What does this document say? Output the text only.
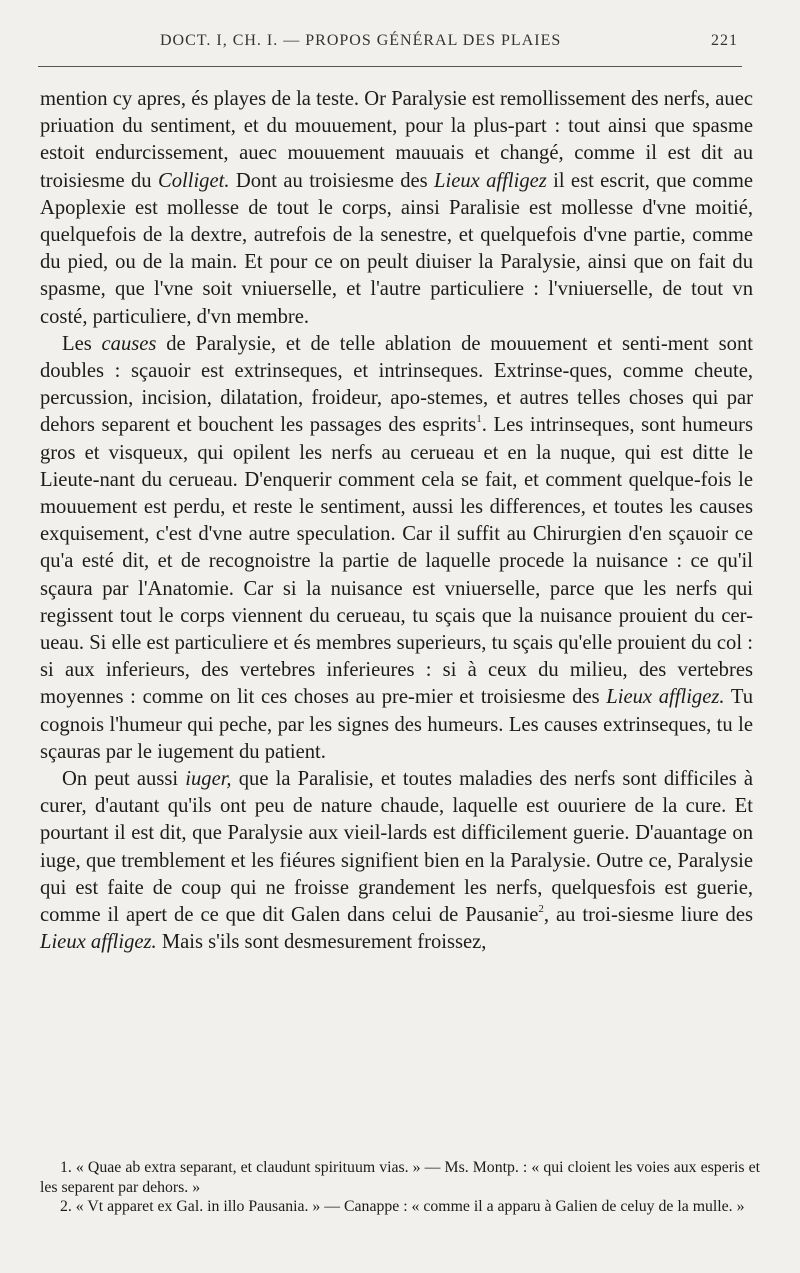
DOCT. I, CH. I. — PROPOS GÉNÉRAL DES PLAIES	221

mention cy apres, és playes de la teste. Or Paralysie est remollissement des nerfs, auec priuation du sentiment, et du mouuement, pour la plus-part : tout ainsi que spasme estoit endurcissement, auec mouuement mauuais et changé, comme il est dit au troisiesme du Colliget. Dont au troisiesme des Lieux affligez il est escrit, que comme Apoplexie est mollesse de tout le corps, ainsi Paralisie est mollesse d'vne moitié, quelquefois de la dextre, autrefois de la senestre, et quelquefois d'vne partie, comme du pied, ou de la main. Et pour ce on peult diuiser la Paralysie, ainsi que on fait du spasme, que l'vne soit vniuerselle, et l'autre particuliere : l'vniuerselle, de tout vn costé, particuliere, d'vn membre.

Les causes de Paralysie, et de telle ablation de mouuement et senti-ment sont doubles : sçauoir est extrinseques, et intrinseques. Extrinse-ques, comme cheute, percussion, incision, dilatation, froideur, apo-stemes, et autres telles choses qui par dehors separent et bouchent les passages des esprits$^1$. Les intrinseques, sont humeurs gros et visqueux, qui opilent les nerfs au cerueau et en la nuque, qui est ditte le Lieute-nant du cerueau. D'enquerir comment cela se fait, et comment quelque-fois le mouuement est perdu, et reste le sentiment, aussi les differences, et toutes les causes exquisement, c'est d'vne autre speculation. Car il suffit au Chirurgien d'en sçauoir ce qu'a esté dit, et de recognoistre la partie de laquelle procede la nuisance : ce qu'il sçaura par l'Anatomie. Car si la nuisance est vniuerselle, parce que les nerfs qui regissent tout le corps viennent du cerueau, tu sçais que la nuisance prouient du cer-ueau. Si elle est particuliere et és membres superieurs, tu sçais qu'elle prouient du col : si aux inferieurs, des vertebres inferieures : si à ceux du milieu, des vertebres moyennes : comme on lit ces choses au pre-mier et troisiesme des Lieux affligez. Tu cognois l'humeur qui peche, par les signes des humeurs. Les causes extrinseques, tu le sçauras par le iugement du patient.

On peut aussi iuger, que la Paralisie, et toutes maladies des nerfs sont difficiles à curer, d'autant qu'ils ont peu de nature chaude, laquelle est ouuriere de la cure. Et pourtant il est dit, que Paralysie aux vieil-lards est difficilement guerie. D'auantage on iuge, que tremblement et les fiéures signifient bien en la Paralysie. Outre ce, Paralysie qui est faite de coup qui ne froisse grandement les nerfs, quelquesfois est guerie, comme il apert de ce que dit Galen dans celui de Pausanie$^2$, au troi-siesme liure des Lieux affligez. Mais s'ils sont desmesurement froissez,

1. « Quae ab extra separant, et claudunt spirituum vias. » — Ms. Montp. : « qui cloient les voies aux esperis et les separent par dehors. »

2. « Vt apparet ex Gal. in illo Pausania. » — Canappe : « comme il a apparu à Galien de celuy de la mulle. »
